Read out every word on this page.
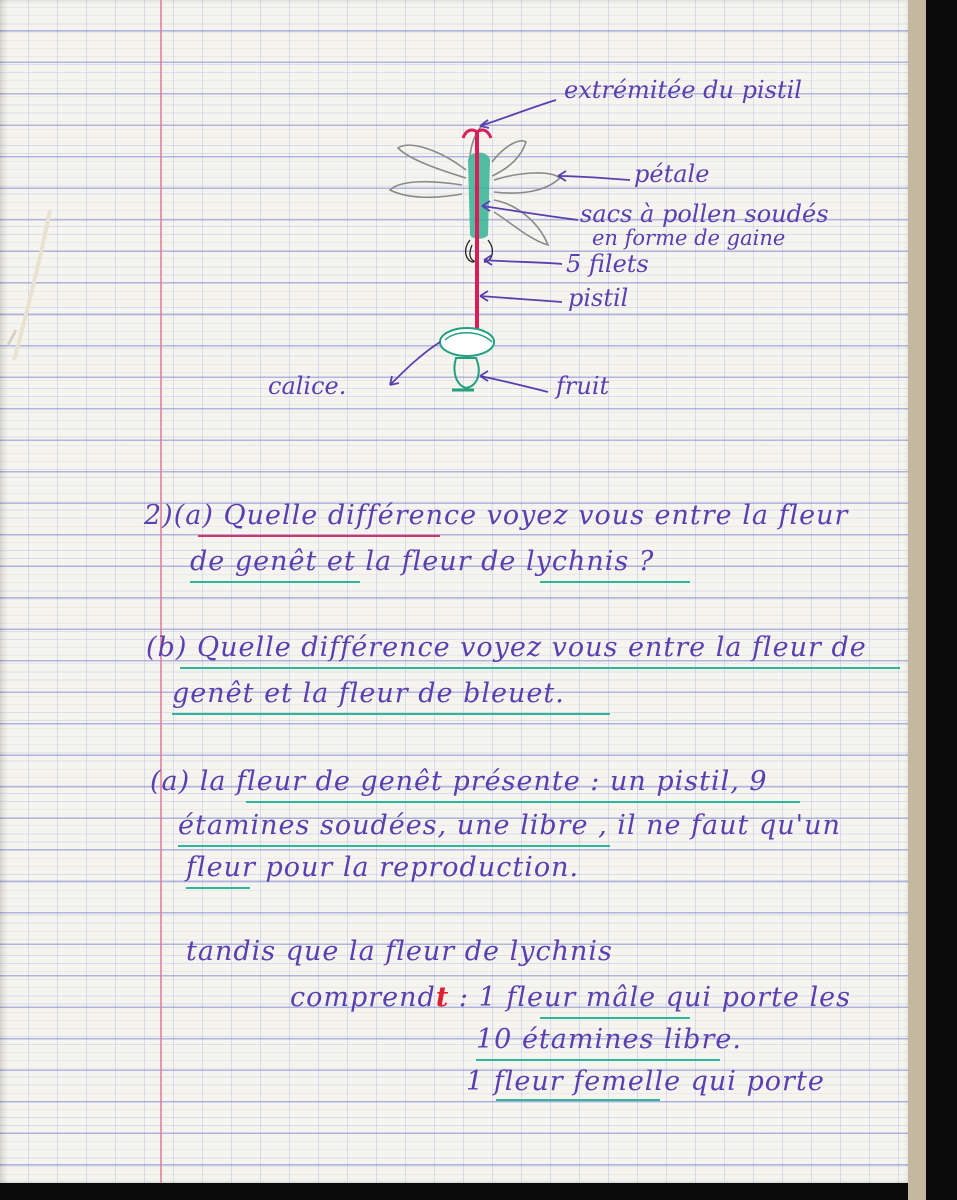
extrémitée du pistil
pétale
sacs à pollen soudés
en forme de gaine
5 filets
pistil
calice.	fruit
2)(a) Quelle différence voyez vous entre la fleur
de genêt et la fleur de lychnis ?
(b) Quelle différence voyez vous entre la fleur de
genêt et la fleur de bleuet.
(a) la fleur de genêt présente : un pistil, 9
étamines soudées, une libre , il ne faut qu'un
fleur pour la reproduction.
tandis que la fleur de lychnis
comprendt : 1 fleur mâle qui porte les
10 étamines libre.
1 fleur femelle qui porte
